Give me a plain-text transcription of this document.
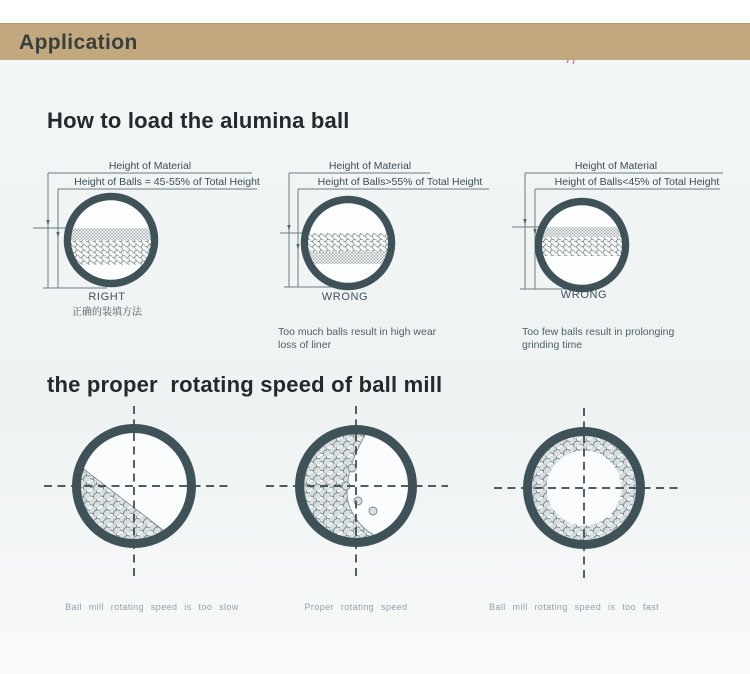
Application
How to load the alumina ball
Height of Material
Height of Balls = 45-55% of Total Height
RIGHT
正确的装填方法
Height of Material
Height of Balls>55% of Total Height
WRONG
Too much balls result in high wear
loss of liner
Height of Material
Height of Balls<45% of Total Height
WRONG
Too few balls result in prolonging
grinding time
the proper  rotating speed of ball mill
Ball mill rotating speed is too slow	Proper rotating speed	Ball mill rotating speed is too fast
